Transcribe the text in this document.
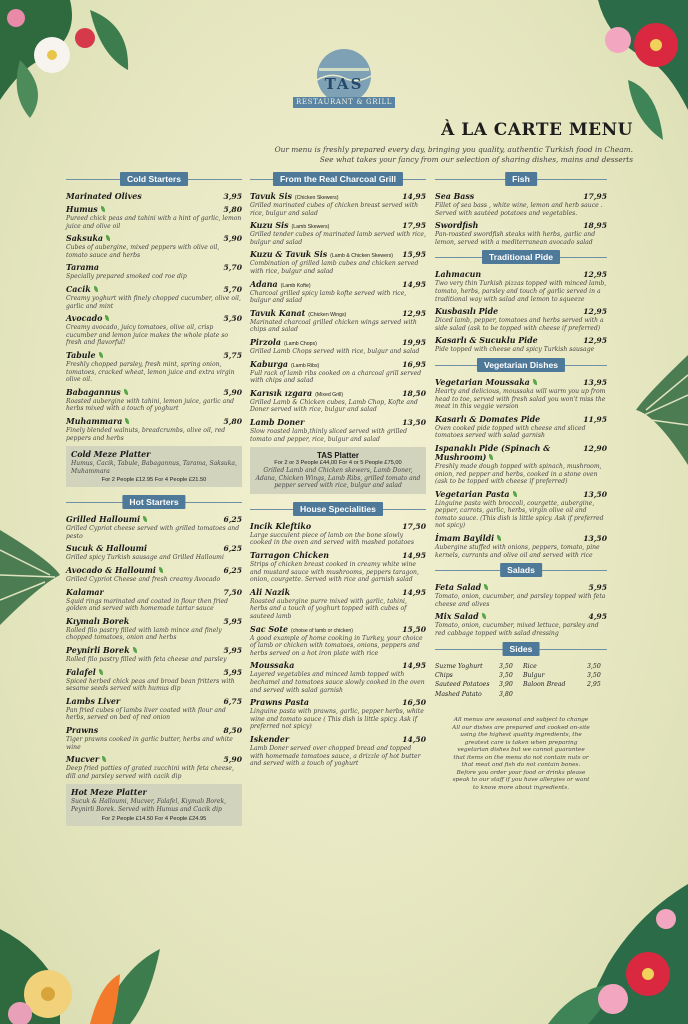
TAS
RESTAURANT & GRILL
À LA CARTE MENU

Our menu is freshly prepared every day, bringing you quality, authentic Turkish food in Cheam.

See what takes your fancy from our selection of sharing dishes, mains and desserts

Cold Starters
Marinated Olives	3,95
Humus	5,80
Pureed chick peas and tahini with a hint of garlic, lemon juice and olive oil
Saksuka	5,90
Cubes of aubergine, mixed peppers with olive oil, tomato sauce and herbs
Tarama	5,70
Specially prepared smoked cod roe dip
Cacik	5,70
Creamy yoghurt with finely chopped cucumber, olive oil, garlic and mint
Avocado	5,50
Creamy avocado, juicy tomatoes, olive oil, crisp cucumber and lemon juice makes the whole plate so fresh and flavorful!
Tabule	5,75
Freshly chopped parsley, fresh mint, spring onion, tomatoes, cracked wheat, lemon juice and extra virgin olive oil.
Babagannus	5,90
Roasted aubergine with tahini, lemon juice, garlic and herbs mixed with a touch of yoghurt
Muhammara	5,80
Finely blended walnuts, breadcrumbs, olive oil, red peppers and herbs
Cold Meze Platter
Humus, Cacik, Tabule, Babagannus, Tarama, Saksuka, Muhammara
For 2 People £12.95 For 4 People £21.50
Hot Starters
Grilled Halloumi	6,25
Grilled Cypriot cheese served with grilled tomatoes and pesto
Sucuk & Halloumi	6,25
Grilled spicy Turkish sausage and Grilled Halloumi
Avocado & Halloumi	6,25
Grilled Cypriot Cheese and fresh creamy Avocado
Kalamar	7,50
Squid rings marinated and coated in flour then fried golden and served with homemade tartar sauce
Kıymalı Borek	5,95
Rolled filo pastry filled with lamb mince and finely chopped tomatoes, onion and herbs
Peynirli Borek	5,95
Rolled filo pastry filled with feta cheese and parsley
Falafel	5,95
Spiced herbed chick peas and broad bean fritters with sesame seeds served with humus dip
Lambs Liver	6,75
Pan fried cubes of lambs liver coated with flour and herbs, served on bed of red onion
Prawns	8,50
Tiger prawns cooked in garlic butter, herbs and white wine
Mucver	5,90
Deep fried patties of grated zucchini with feta cheese, dill and parsley served with cacik dip
Hot Meze Platter
Sucuk & Halloumi, Mucver, Falafel, Kıymalı Borek, Peynirli Borek. Served with Humus and Cacik dip
For 2 People £14.50 For 4 People £24.95
From the Real Charcoal Grill
Tavuk Sis (Chicken Skewers)	14,95
Grilled marinated cubes of chicken breast served with rice, bulgur and salad
Kuzu Sis (Lamb Skewers)	17,95
Grilled tender cubes of marinated lamb served with rice, bulgur and salad
Kuzu & Tavuk Sis (Lamb & Chicken Skewers) 15,95
Combination of grilled lamb cubes and chicken served with rice, bulgur and salad
Adana (Lamb Kofte)	14,95
Charcoal grilled spicy lamb kofte served with rice, bulgur and salad
Tavuk Kanat (Chicken Wings)	12,95
Marinated charcoal grilled chicken wings served with chips and salad
Pirzola (Lamb Chops)	19,95
Grilled Lamb Chops served with rice, bulgur and salad
Kaburga (Lamb Ribs)	16,95
Full rack of lamb ribs cooked on a charcoal grill served with chips and salad
Karısık ızgara (Mixed Grill)	18,50
Grilled Lamb & Chicken cubes, Lamb Chop, Kofte and Doner served with rice, bulgur and salad
Lamb Doner	13,50
Slow roasted lamb,thinly sliced served with grilled tomato and pepper, rice, bulgur and salad
TAS Platter
For 2 or 3 People £44,00 For 4 or 5 People £75,00
Grilled Lamb and Chicken skewers, Lamb Doner, Adana, Chicken Wings, Lamb Ribs, grilled tomato and pepper served with rice, bulgur and salad
House Specialities
Incik Kleftiko	17,50
Large succulent piece of lamb on the bone slowly cooked in the oven and served with mashed potatoes
Tarragon Chicken	14,95
Strips of chicken breast cooked in creamy white wine and mustard sauce with mushrooms, peppers taragon, onion, courgette. Served with rice and garnish salad
Ali Nazik	14,95
Roasted aubergine purre mixed with garlic, tahini, herbs and a touch of yoghurt topped with cubes of sauteed lamb
Sac Sote (choise of lamb or chicken)	15,50
A good example of home cooking in Turkey, your choice of lamb or chicken with tomatoes, onions, peppers and herbs served on a hot iron plate with rice
Moussaka	14,95
Layered vegetables and minced lamb topped with bechamel and tomatoes sauce slowly cooked in the oven and served with salad garnish
Prawns Pasta	16,50
Linguine pasta with prawns, garlic, pepper herbs, white wine and tomato sauce ( This dish is little spicy. Ask if preferred not spicy)
Iskender	14,50
Lamb Doner served over chopped bread and topped with homemade tomatoes sauce, a drizzle of hot butter and served with a touch of yoghurt
Fish
Sea Bass	17,95
Fillet of sea bass , white wine, lemon and herb sauce . Served with sautéed potatoes and vegetables.
Swordfish	18,95
Pan-roasted swordfish steaks with herbs, garlic and lemon, served with a mediterranean avocado salad
Traditional Pide
Lahmacun	12,95
Two very thin Turkish pizzas topped with minced lamb, tomato, herbs, parsley and touch of garlic served in a traditional way with salad and lemon to squeeze
Kusbasılı Pide	12,95
Diced lamb, pepper, tomatoes and herbs served with a side salad (ask to be topped with cheese if preferred)
Kasarlı & Sucuklu Pide	12,95
Pide topped with cheese and spicy Turkish sausage
Vegetarian Dishes
Vegetarian Moussaka	13,95
Hearty and delicious, moussaka will warm you up from head to toe, served with fresh salad you won't miss the meat in this veggie version
Kasarlı & Domates Pide	11,95
Oven cooked pide topped with cheese and sliced tomatoes served with salad garnish
Ispanaklı Pide (Spinach & Mushroom)
12,90
Freshly made dough topped with spinach, mushroom, onion, red pepper and herbs, cooked in a stone oven (ask to be topped with cheese if preferred)
Vegetarian Pasta	13,50
Linguine pasta with broccoli, courgette, aubergine, pepper, carrots, garlic, herbs, virgin olive oil and tomato sauce. (This dish is little spicy. Ask if preferred not spicy)
İmam Bayildi	13,50
Aubergine stuffed with onions, peppers, tomato, pine kernels, currants and olive oil and served with rice
Salads
Feta Salad	5,95
Tomato, onion, cucumber, and parsley topped with feta cheese and olives
Mix Salad	4,95
Tomato, onion, cucumber, mixed lettuce, parsley and red cabbage topped with salad dressing
Sides
Suzme Yoghurt	3,50	Rice	3,50
Chips	3,50	Bulgur	3,50
Sauteed Potatoes	3,90	Baloon Bread	2,95
Mashed Patato	3,80
All menus are seasonal and subject to change All our dishes are prepared and cooked on-site using the highest quality ingredients, the greatest care is taken when preparing vegetarian dishes but we cannot guarantee that items on the menu do not contain nuts or that meat and fish do not contain bones. Before you order your food or drinks please speak to our staff if you have allergies or want to know more about ingredients.
